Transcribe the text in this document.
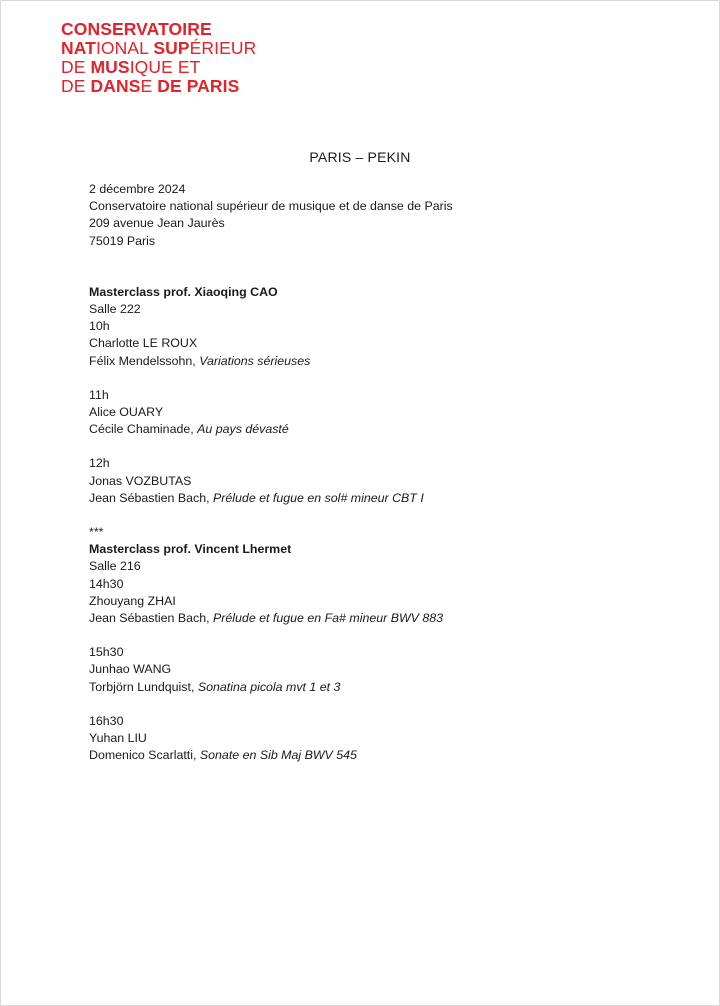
CONSERVATOIRE
NATIONAL SUPÉRIEUR
DE MUSIQUE ET
DE DANSE DE PARIS
PARIS – PEKIN

2 décembre 2024

Conservatoire national supérieur de musique et de danse de Paris

209 avenue Jean Jaurès

75019 Paris

Masterclass prof. Xiaoqing CAO

Salle 222

10h

Charlotte LE ROUX

Félix Mendelssohn, Variations sérieuses

11h

Alice OUARY

Cécile Chaminade, Au pays dévasté

12h

Jonas VOZBUTAS

Jean Sébastien Bach, Prélude et fugue en sol# mineur CBT I

***

Masterclass prof. Vincent Lhermet

Salle 216

14h30

Zhouyang ZHAI

Jean Sébastien Bach, Prélude et fugue en Fa# mineur BWV 883

15h30

Junhao WANG

Torbjörn Lundquist, Sonatina picola mvt 1 et 3

16h30

Yuhan LIU

Domenico Scarlatti, Sonate en Sib Maj BWV 545
